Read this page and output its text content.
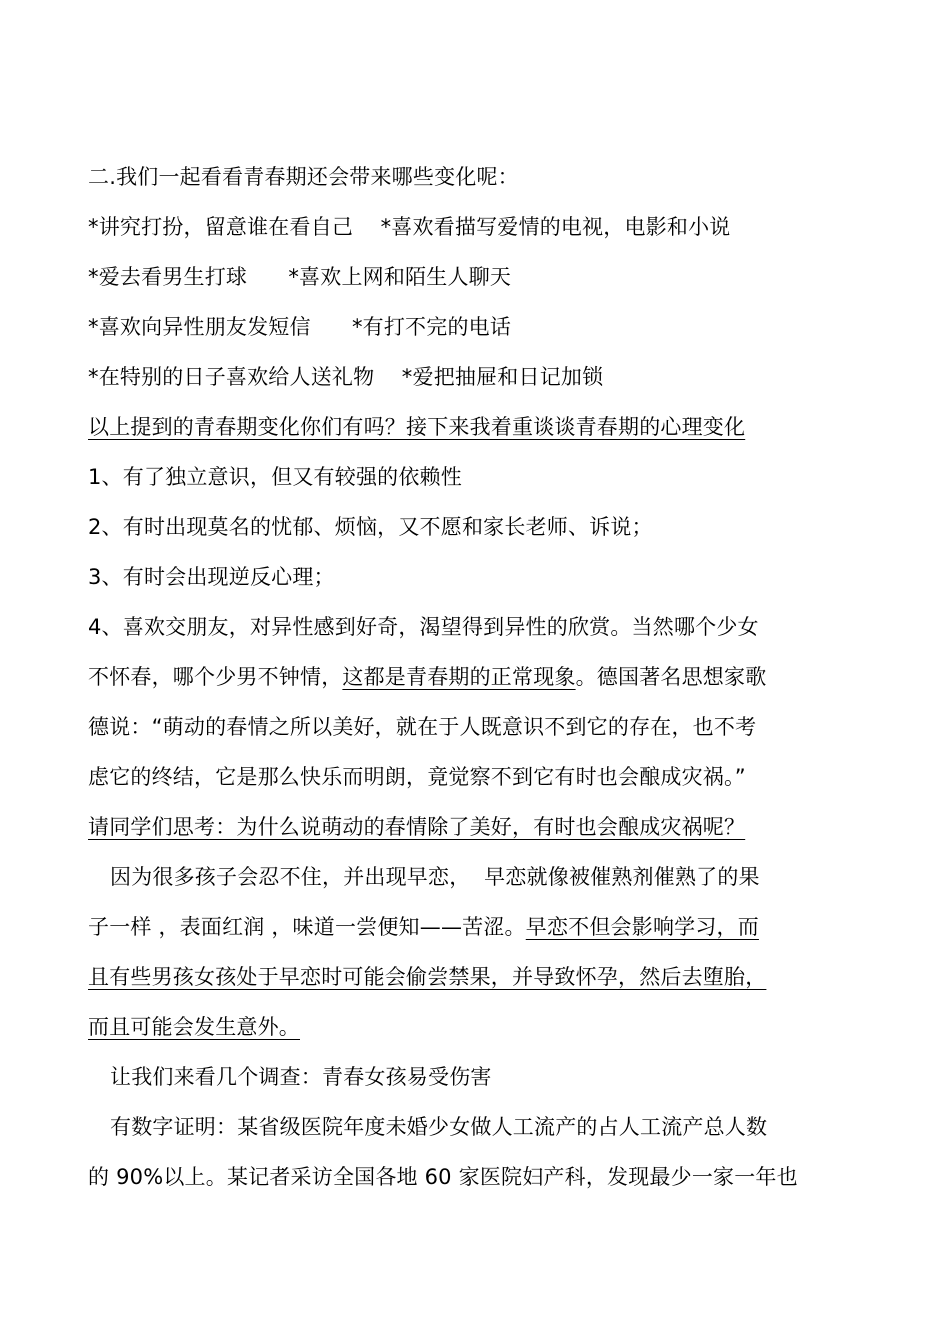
二.我们一起看看青春期还会带来哪些变化呢：
*讲究打扮，留意谁在看自己    *喜欢看描写爱情的电视，电影和小说
*爱去看男生打球      *喜欢上网和陌生人聊天
*喜欢向异性朋友发短信      *有打不完的电话
*在特别的日子喜欢给人送礼物    *爱把抽屉和日记加锁
以上提到的青春期变化你们有吗？接下来我着重谈谈青春期的心理变化
1、有了独立意识，但又有较强的依赖性
2、有时出现莫名的忧郁、烦恼，又不愿和家长老师、诉说；
3、有时会出现逆反心理；
4、喜欢交朋友，对异性感到好奇，渴望得到异性的欣赏。当然哪个少女
不怀春，哪个少男不钟情，这都是青春期的正常现象。德国著名思想家歌
德说：“萌动的春情之所以美好，就在于人既意识不到它的存在，也不考
虑它的终结，它是那么快乐而明朗，竟觉察不到它有时也会酿成灾祸。”
请同学们思考：为什么说萌动的春情除了美好，有时也会酿成灾祸呢？
因为很多孩子会忍不住，并出现早恋，  早恋就像被催熟剂催熟了的果
子一样 ，表面红润 ，味道一尝便知——苦涩。早恋不但会影响学习，而
且有些男孩女孩处于早恋时可能会偷尝禁果，并导致怀孕，然后去堕胎，
而且可能会发生意外。
让我们来看几个调查：青春女孩易受伤害
有数字证明：某省级医院年度未婚少女做人工流产的占人工流产总人数
的 90%以上。某记者采访全国各地 60 家医院妇产科，发现最少一家一年也
